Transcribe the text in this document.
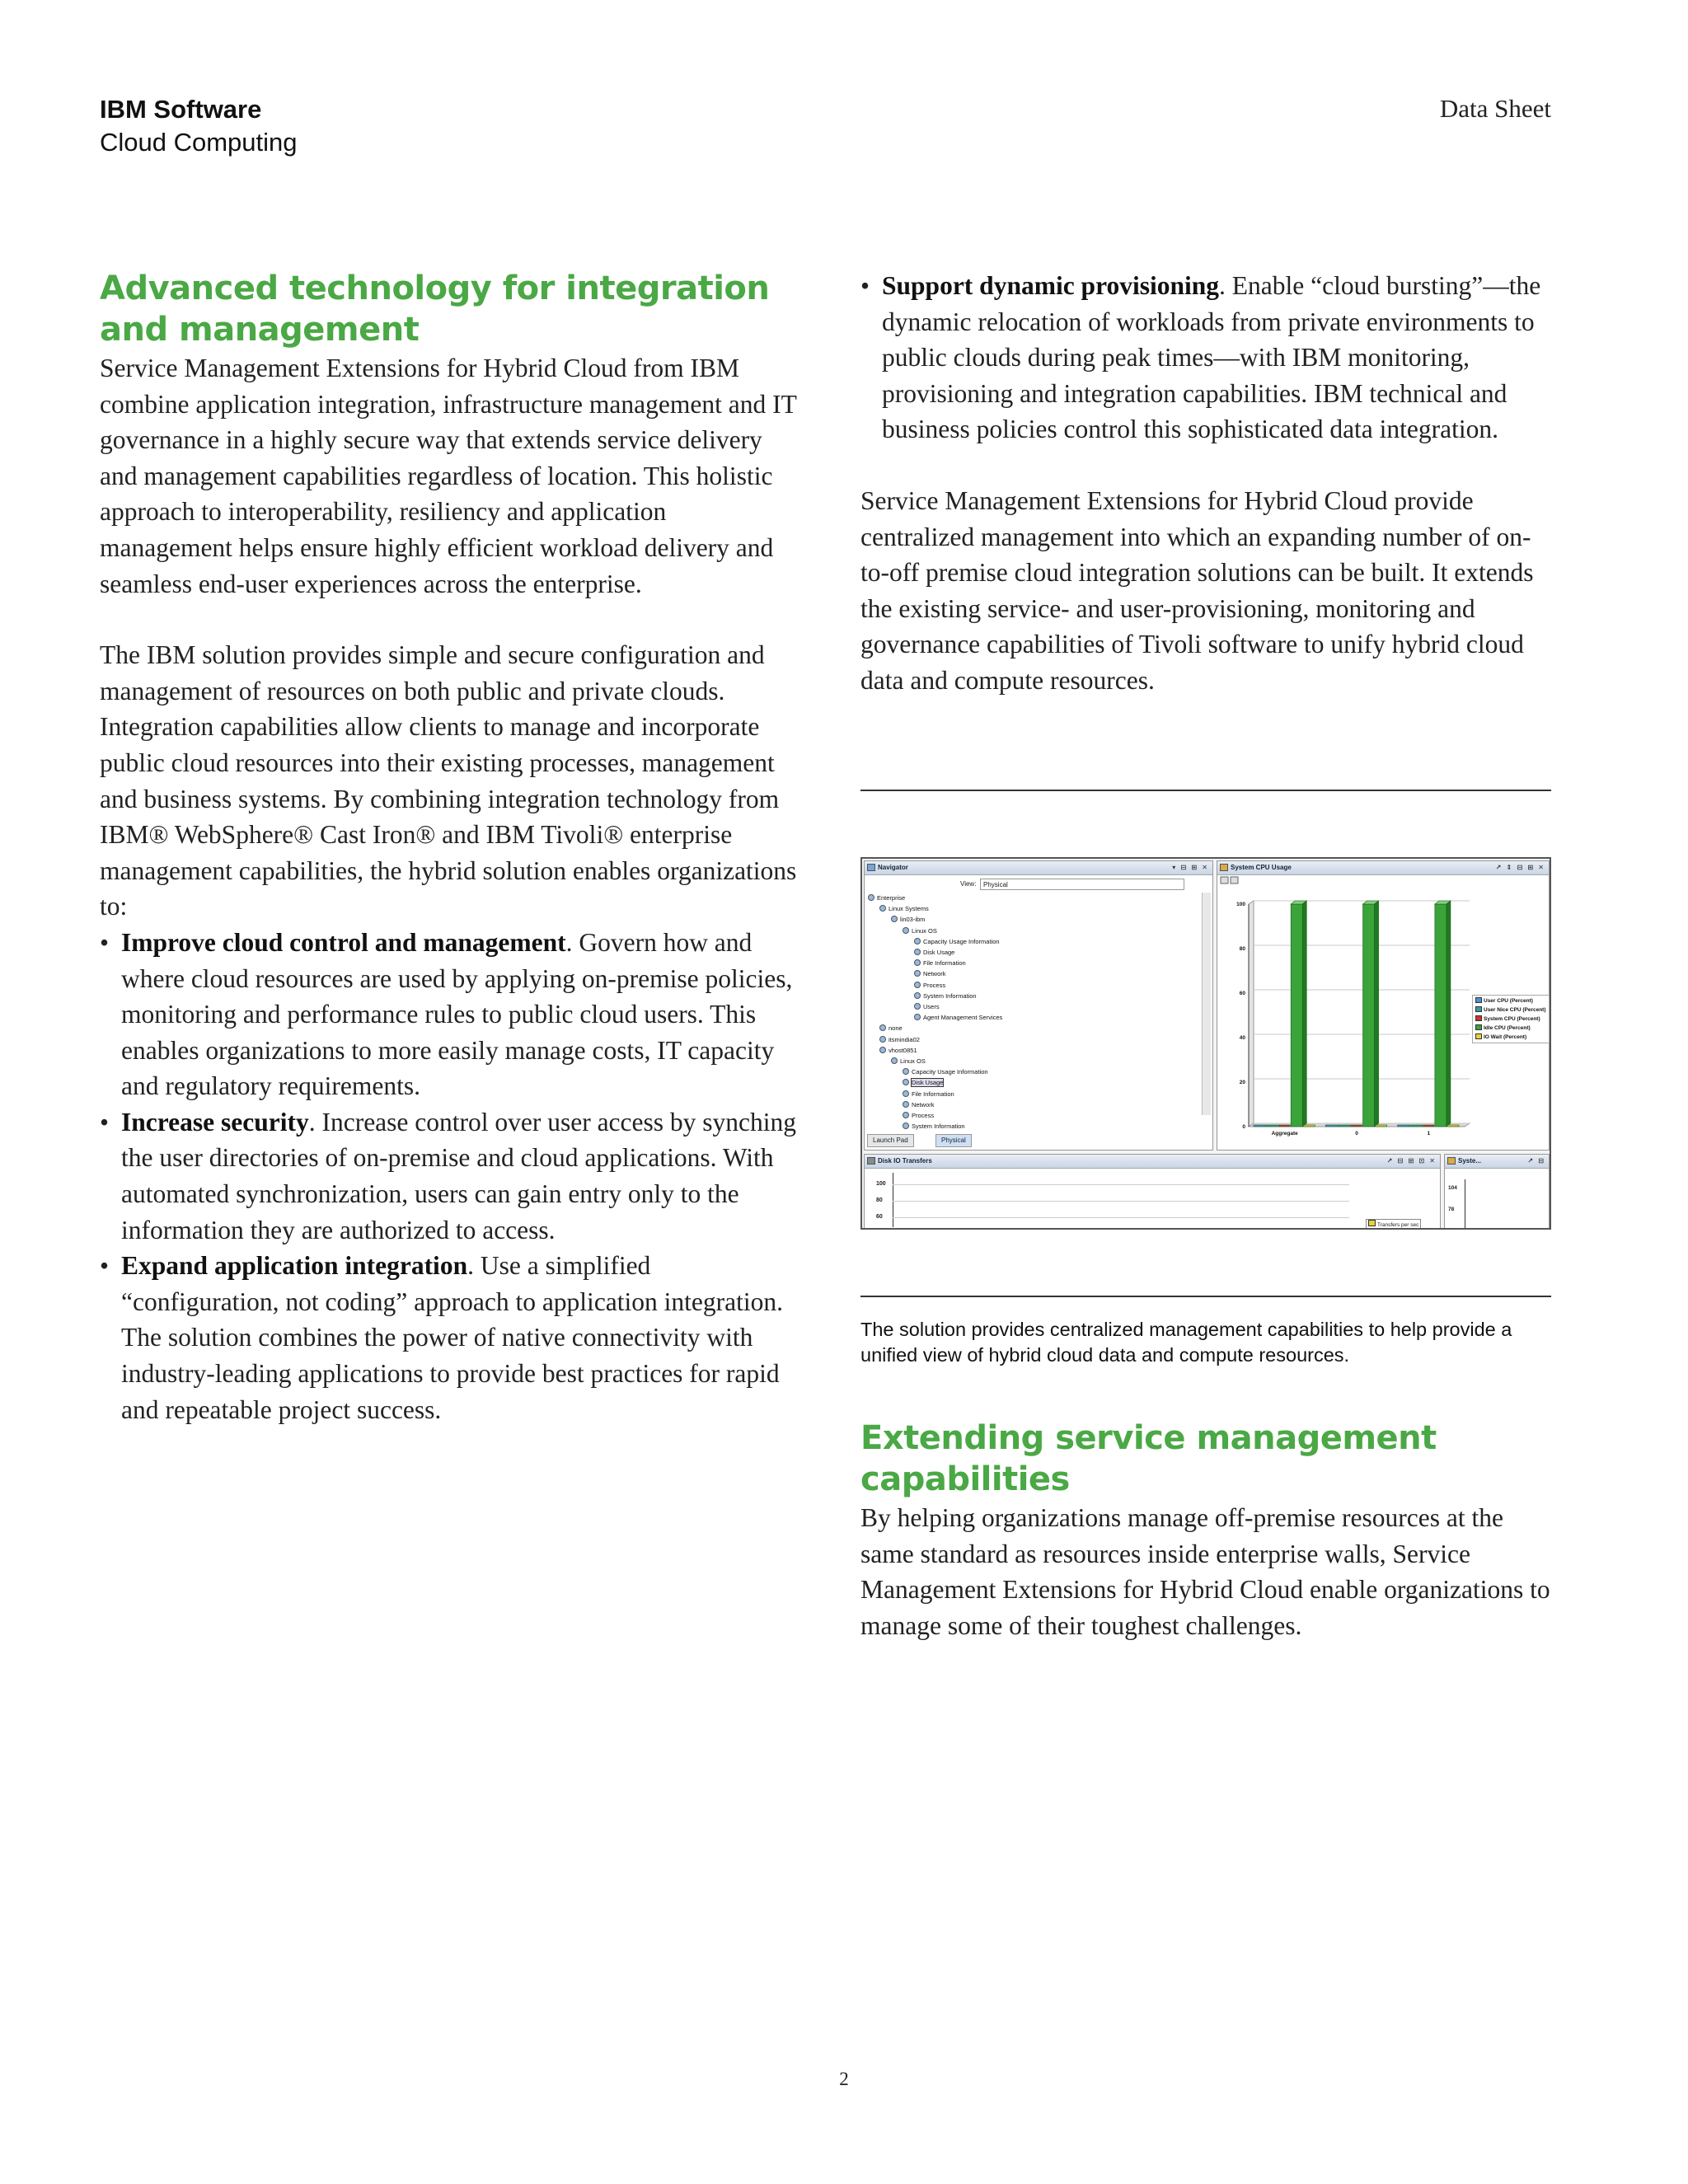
IBM Software
Cloud Computing
Data Sheet
Advanced technology for integration and management

Service Management Extensions for Hybrid Cloud from IBM combine application integration, infrastructure management and IT governance in a highly secure way that extends service delivery and management capabilities regardless of location. This holistic approach to interoperability, resiliency and application management helps ensure highly efficient workload delivery and seamless end-user experiences across the enterprise.

The IBM solution provides simple and secure configuration and management of resources on both public and private clouds. Integration capabilities allow clients to manage and incorporate public cloud resources into their existing processes, management and business systems. By combining integration technology from IBM® WebSphere® Cast Iron® and IBM Tivoli® enterprise management capabilities, the hybrid solution enables organizations to:

• Improve cloud control and management. Govern how and where cloud resources are used by applying on-premise policies, monitoring and performance rules to public cloud users. This enables organizations to more easily manage costs, IT capacity and regulatory requirements.
• Increase security. Increase control over user access by synching the user directories of on-premise and cloud applications. With automated synchronization, users can gain entry only to the information they are authorized to access.
• Expand application integration. Use a simplified “configuration, not coding” approach to application integration. The solution combines the power of native connectivity with industry-leading applications to provide best practices for rapid and repeatable project success.
• Support dynamic provisioning. Enable “cloud bursting”—the dynamic relocation of workloads from private environments to public clouds during peak times—with IBM monitoring, provisioning and integration capabilities. IBM technical and business policies control this sophisticated data integration.

Service Management Extensions for Hybrid Cloud provide centralized management into which an expanding number of on-to-off premise cloud integration solutions can be built. It extends the existing service- and user-provisioning, monitoring and governance capabilities of Tivoli software to unify hybrid cloud data and compute resources.

Navigator	▾ ⊟ ⊞ ✕
View:	Physical
Enterprise
Linux Systems
lin03-ibm
Linux OS
Capacity Usage Information
Disk Usage
File Information
Network
Process
System Information
Users
Agent Management Services
none
itsmindia02
vhost0851
Linux OS
Capacity Usage Information
Disk Usage
File Information
Network
Process
System Information
Launch Pad	Physical
System CPU Usage	↗ ⇕ ⊟ ⊞ ✕
0
20
40
60
80
100
Aggregate	0	1
User CPU (Percent)
User Nice CPU (Percent)
System CPU (Percent)
Idle CPU (Percent)
IO Wait (Percent)
Disk IO Transfers	↗ ⊟ ⊞ ⊡ ✕
100
80
60
Transfers per sec
Syste...	↗ ⊟
104
78
The solution provides centralized management capabilities to help provide a unified view of hybrid cloud data and compute resources.
Extending service management capabilities

By helping organizations manage off-premise resources at the same standard as resources inside enterprise walls, Service Management Extensions for Hybrid Cloud enable organizations to manage some of their toughest challenges.

2
